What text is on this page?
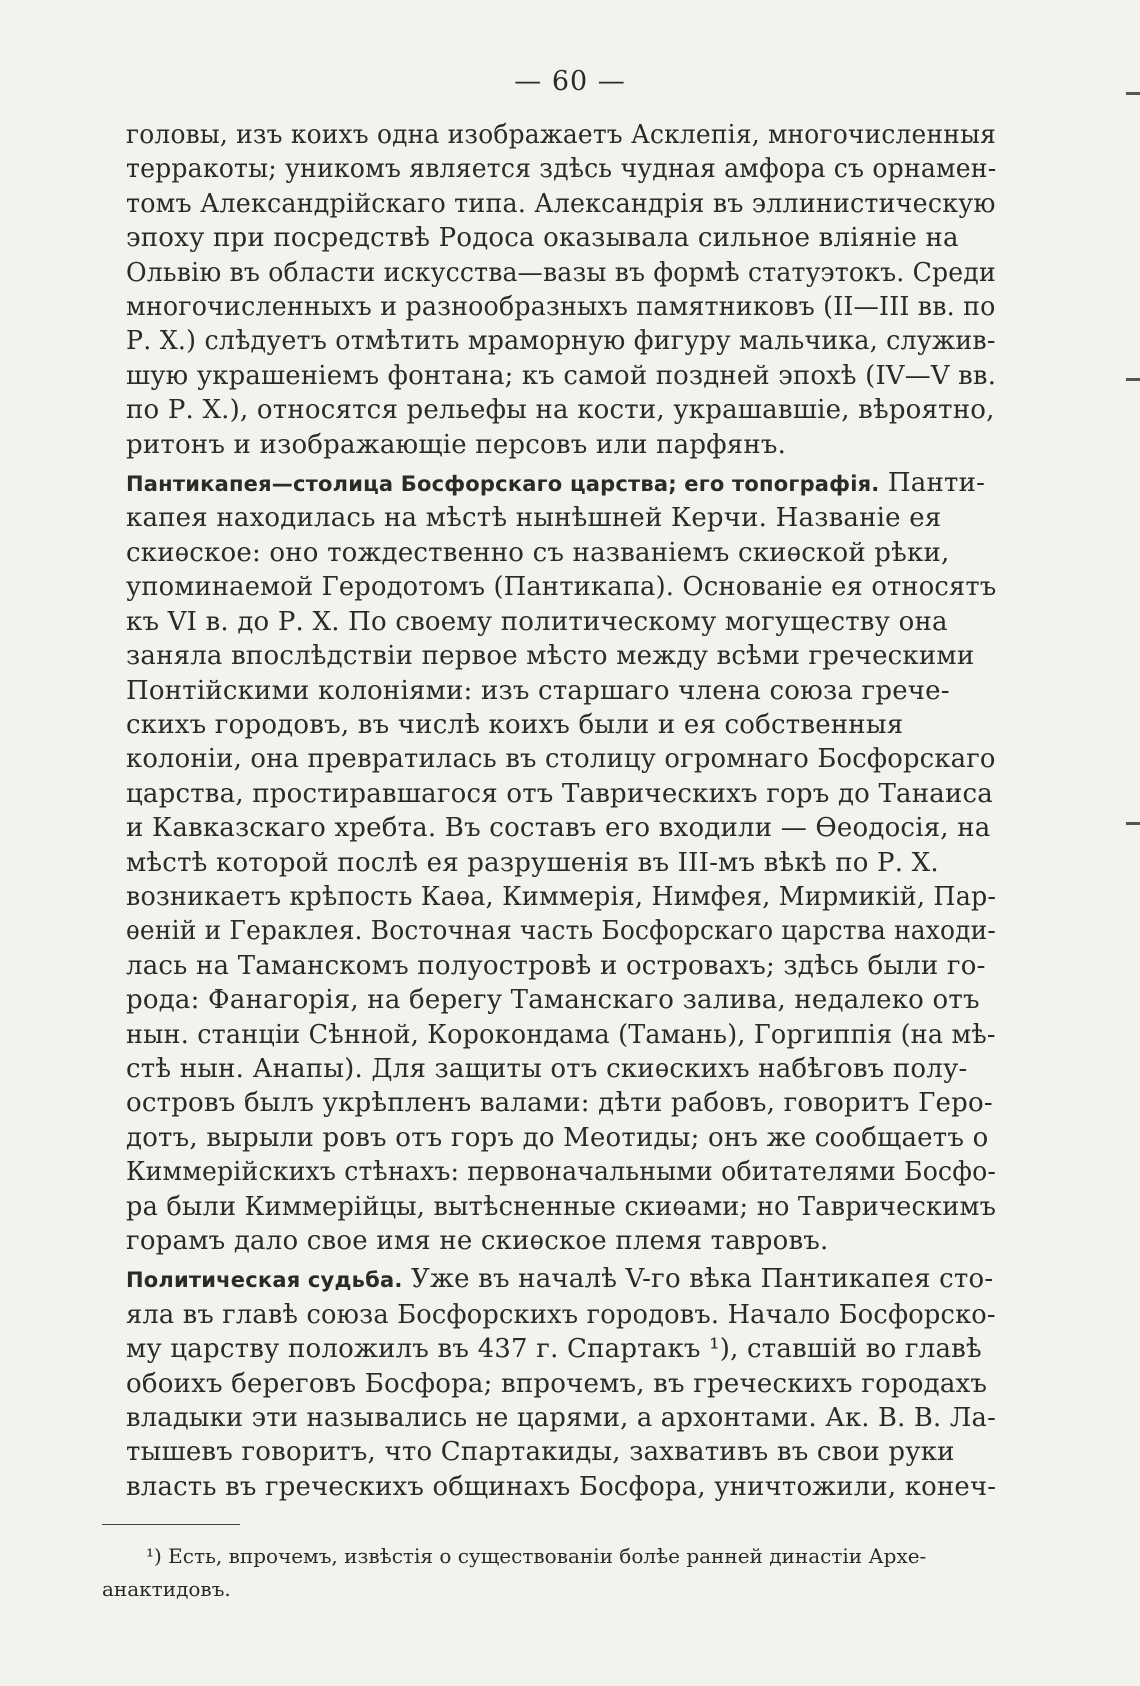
— 60 —

головы, изъ коихъ одна изображаетъ Асклепія, многочисленныя
терракоты; уникомъ является здѣсь чудная амфора съ орнамен-
томъ Александрійскаго типа. Александрія въ эллинистическую
эпоху при посредствѣ Родоса оказывала сильное вліяніе на
Ольвію въ области искусства—вазы въ формѣ статуэтокъ. Среди
многочисленныхъ и разнообразныхъ памятниковъ (II—III вв. по
Р. Х.) слѣдуетъ отмѣтить мраморную фигуру мальчика, служив-
шую украшеніемъ фонтана; къ самой поздней эпохѣ (IV—V вв.
по Р. Х.), относятся рельефы на кости, украшавшіе, вѣроятно,
ритонъ и изображающіе персовъ или парфянъ.

Пантикапея—столица Босфорскаго царства; его топографія. Панти-
капея находилась на мѣстѣ нынѣшней Керчи. Названіе ея
скиѳское: оно тождественно съ названіемъ скиѳской рѣки,
упоминаемой Геродотомъ (Пантикапа). Основаніе ея относятъ
къ VI в. до Р. Х. По своему политическому могуществу она
заняла впослѣдствіи первое мѣсто между всѣми греческими
Понтійскими колоніями: изъ старшаго члена союза грече-
скихъ городовъ, въ числѣ коихъ были и ея собственныя
колоніи, она превратилась въ столицу огромнаго Босфорскаго
царства, простиравшагося отъ Таврическихъ горъ до Танаиса
и Кавказскаго хребта. Въ составъ его входили — Ѳеодосія, на
мѣстѣ которой послѣ ея разрушенія въ III-мъ вѣкѣ по Р. Х.
возникаетъ крѣпость Каѳа, Киммерія, Нимфея, Мирмикій, Пар-
ѳеній и Гераклея. Восточная часть Босфорскаго царства находи-
лась на Таманскомъ полуостровѣ и островахъ; здѣсь были го-
рода: Фанагорія, на берегу Таманскаго залива, недалеко отъ
нын. станціи Сѣнной, Корокондама (Тамань), Горгиппія (на мѣ-
стѣ нын. Анапы). Для защиты отъ скиѳскихъ набѣговъ полу-
островъ былъ укрѣпленъ валами: дѣти рабовъ, говоритъ Геро-
дотъ, вырыли ровъ отъ горъ до Меотиды; онъ же сообщаетъ о
Киммерійскихъ стѣнахъ: первоначальными обитателями Босфо-
ра были Киммерійцы, вытѣсненные скиѳами; но Таврическимъ
горамъ дало свое имя не скиѳское племя тавровъ.

Политическая судьба. Уже въ началѣ V-го вѣка Пантикапея сто-
яла въ главѣ союза Босфорскихъ городовъ. Начало Босфорско-
му царству положилъ въ 437 г. Спартакъ ¹), ставшій во главѣ
обоихъ береговъ Босфора; впрочемъ, въ греческихъ городахъ
владыки эти назывались не царями, а архонтами. Ак. В. В. Ла-
тышевъ говоритъ, что Спартакиды, захвативъ въ свои руки
власть въ греческихъ общинахъ Босфора, уничтожили, конеч-

¹) Есть, впрочемъ, извѣстія о существованіи болѣе ранней династіи Архе-
анактидовъ.
